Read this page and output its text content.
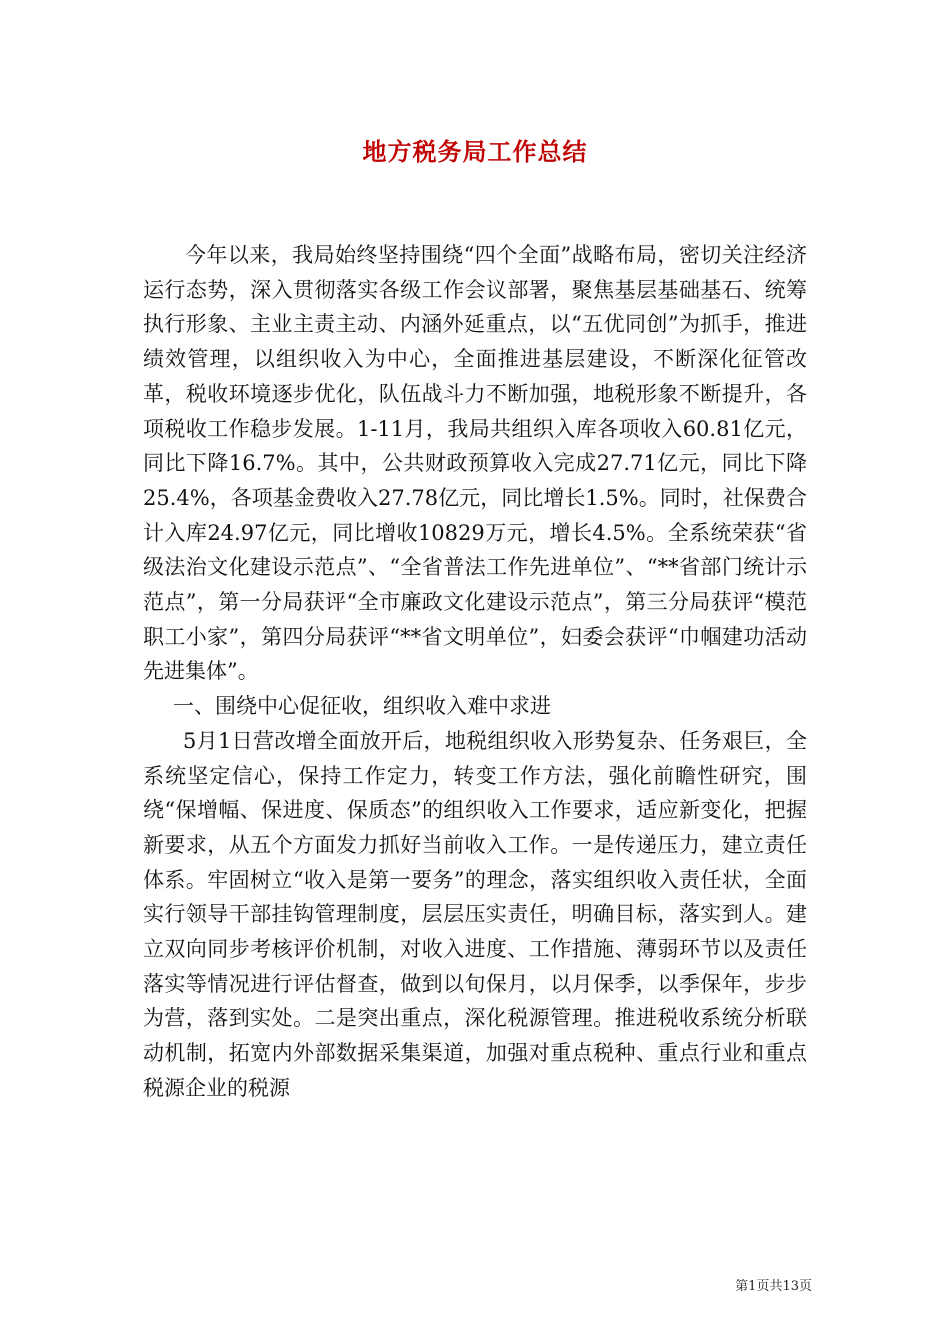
地方税务局工作总结

今年以来，我局始终坚持围绕“四个全面”战略布局，密切关注经济运行态势，深入贯彻落实各级工作会议部署，聚焦基层基础基石、统筹执行形象、主业主责主动、内涵外延重点，以“五优同创”为抓手，推进绩效管理，以组织收入为中心，全面推进基层建设，不断深化征管改革，税收环境逐步优化，队伍战斗力不断加强，地税形象不断提升，各项税收工作稳步发展。1-11月，我局共组织入库各项收入60.81亿元，同比下降16.7%。其中，公共财政预算收入完成27.71亿元，同比下降25.4%，各项基金费收入27.78亿元，同比增长1.5%。同时，社保费合计入库24.97亿元，同比增收10829万元，增长4.5%。全系统荣获“省级法治文化建设示范点”、“全省普法工作先进单位”、“**省部门统计示范点”，第一分局获评“全市廉政文化建设示范点”，第三分局获评“模范职工小家”，第四分局获评“**省文明单位”，妇委会获评“巾帼建功活动先进集体”。

一、围绕中心促征收，组织收入难中求进

5月1日营改增全面放开后，地税组织收入形势复杂、任务艰巨，全系统坚定信心，保持工作定力，转变工作方法，强化前瞻性研究，围绕“保增幅、保进度、保质态”的组织收入工作要求，适应新变化，把握新要求，从五个方面发力抓好当前收入工作。一是传递压力，建立责任体系。牢固树立“收入是第一要务”的理念，落实组织收入责任状，全面实行领导干部挂钩管理制度，层层压实责任，明确目标，落实到人。建立双向同步考核评价机制，对收入进度、工作措施、薄弱环节以及责任落实等情况进行评估督查，做到以旬保月，以月保季，以季保年，步步为营，落到实处。二是突出重点，深化税源管理。推进税收系统分析联动机制，拓宽内外部数据采集渠道，加强对重点税种、重点行业和重点税源企业的税源

第1页共13页
